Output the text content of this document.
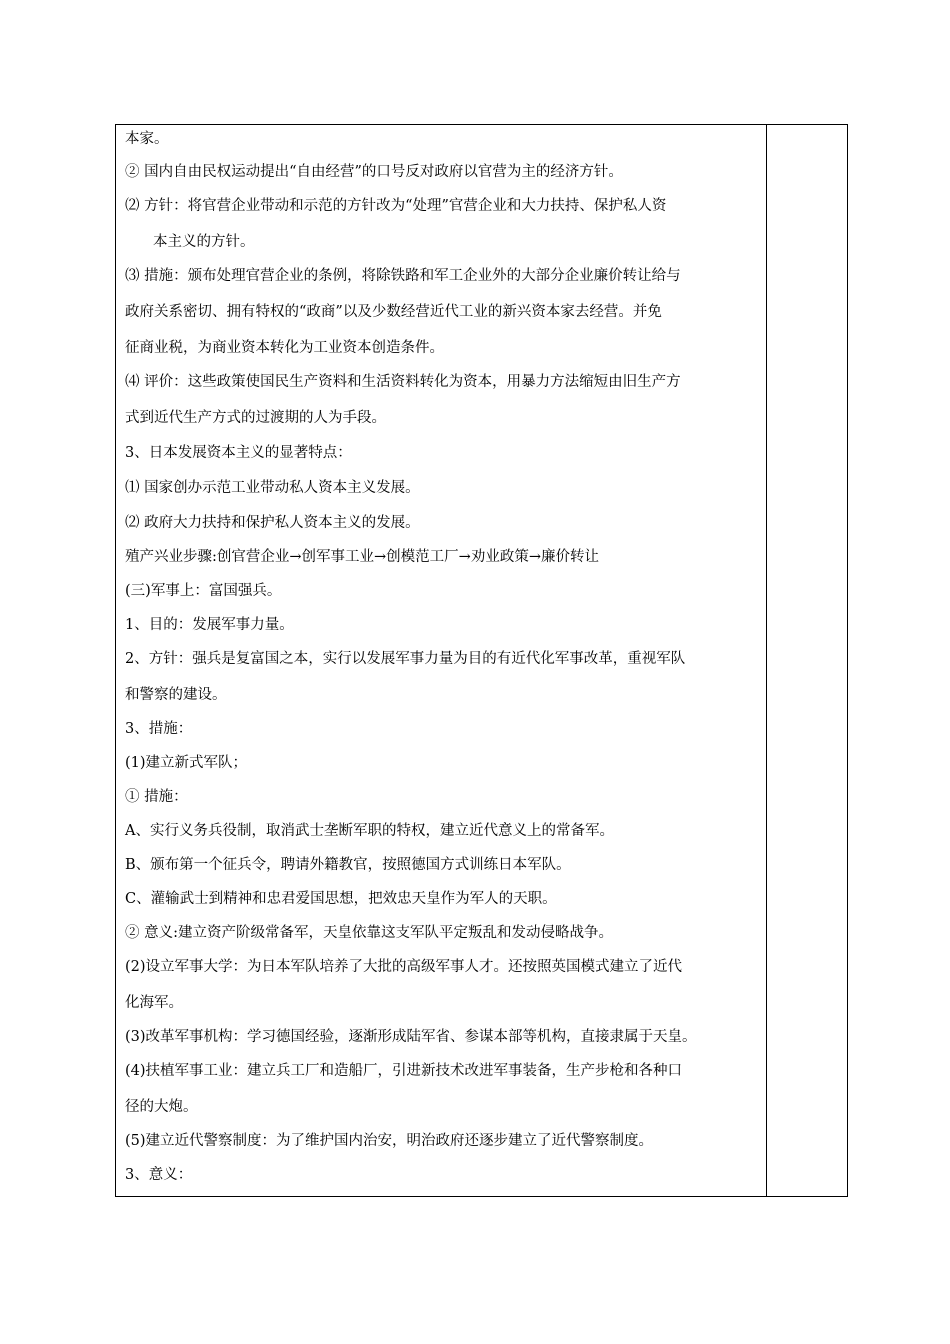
本家。
② 国内自由民权运动提出“自由经营”的口号反对政府以官营为主的经济方针。
⑵ 方针：将官营企业带动和示范的方针改为“处理”官营企业和大力扶持、保护私人资
本主义的方针。
⑶ 措施：颁布处理官营企业的条例，将除铁路和军工企业外的大部分企业廉价转让给与
政府关系密切、拥有特权的“政商”以及少数经营近代工业的新兴资本家去经营。并免
征商业税，为商业资本转化为工业资本创造条件。
⑷ 评价：这些政策使国民生产资料和生活资料转化为资本，用暴力方法缩短由旧生产方
式到近代生产方式的过渡期的人为手段。
3、日本发展资本主义的显著特点：
⑴ 国家创办示范工业带动私人资本主义发展。
⑵ 政府大力扶持和保护私人资本主义的发展。
殖产兴业步骤:创官营企业→创军事工业→创模范工厂→劝业政策→廉价转让
(三)军事上：富国强兵。
1、目的：发展军事力量。
2、方针：强兵是复富国之本，实行以发展军事力量为目的有近代化军事改革，重视军队
和警察的建设。
3、措施：
(1)建立新式军队；
① 措施：
A、实行义务兵役制，取消武士垄断军职的特权，建立近代意义上的常备军。
B、颁布第一个征兵令，聘请外籍教官，按照德国方式训练日本军队。
C、灌输武士到精神和忠君爱国思想，把效忠天皇作为军人的天职。
② 意义:建立资产阶级常备军，天皇依靠这支军队平定叛乱和发动侵略战争。
(2)设立军事大学：为日本军队培养了大批的高级军事人才。还按照英国模式建立了近代
化海军。
(3)改革军事机构：学习德国经验，逐渐形成陆军省、参谋本部等机构，直接隶属于天皇。
(4)扶植军事工业：建立兵工厂和造船厂，引进新技术改进军事装备，生产步枪和各种口
径的大炮。
(5)建立近代警察制度：为了维护国内治安，明治政府还逐步建立了近代警察制度。
3、意义：
